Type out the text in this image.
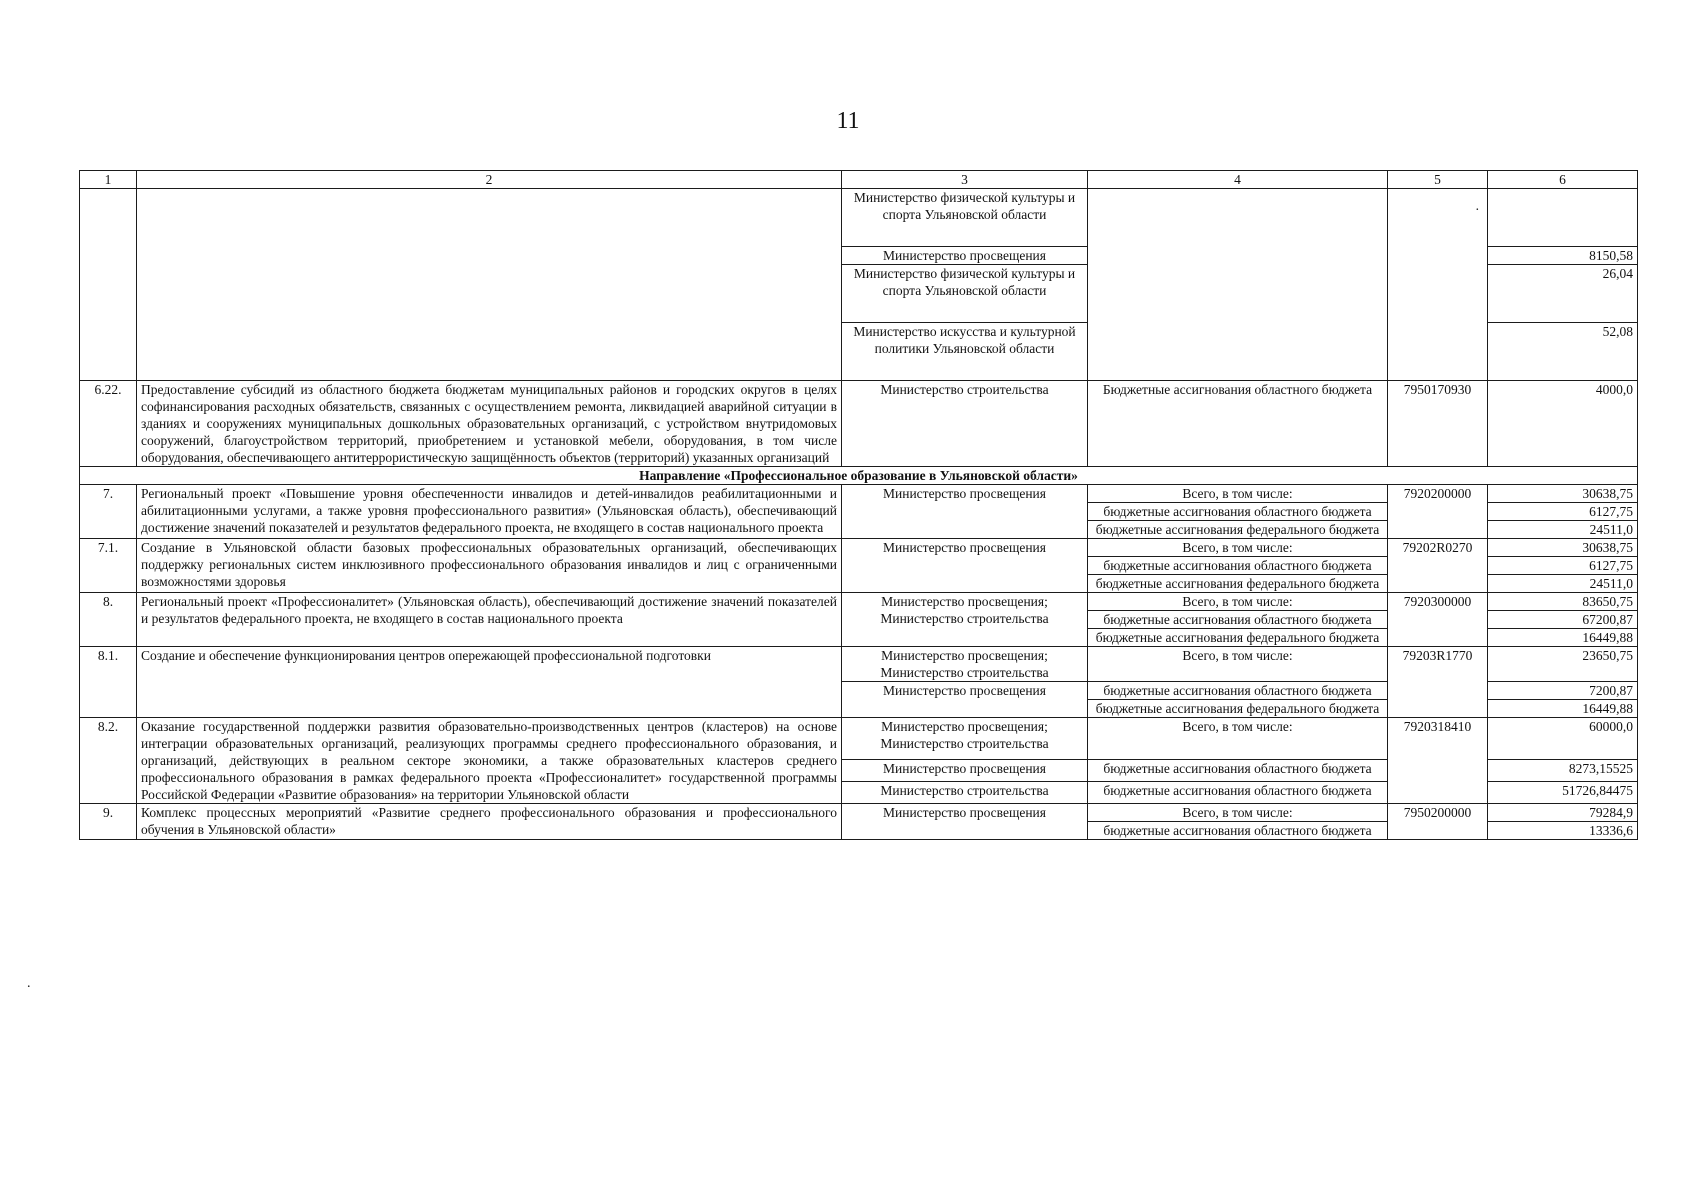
11
1	2	3	4	5	6
		Министерство физической культуры и спорта Ульяновской области		.	
		Министерство просвещения			8150,58
		Министерство физической культуры и спорта Ульяновской области			26,04
		Министерство искусства и культурной политики Ульяновской области			52,08
6.22.	Предоставление субсидий из областного бюджета бюджетам муниципальных районов и городских округов в целях софинансирования расходных обязательств, связанных с осуществлением ремонта, ликвидацией аварийной ситуации в зданиях и сооружениях муниципальных дошкольных образовательных организаций, с устройством внутридомовых сооружений, благоустройством территорий, приобретением и установкой мебели, оборудования, в том числе оборудования, обеспечивающего антитеррористическую защищённость объектов (территорий) указанных организаций	Министерство строительства	Бюджетные ассигнования областного бюджета	7950170930	4000,0
Направление «Профессиональное образование в Ульяновской области»					
7.	Региональный проект «Повышение уровня обеспеченности инвалидов и детей-инвалидов реабилитационными и абилитационными услугами, а также уровня профессионального развития» (Ульяновская область), обеспечивающий достижение значений показателей и результатов федерального проекта, не входящего в состав национального проекта	Министерство просвещения	Всего, в том числе:	7920200000	30638,75
			бюджетные ассигнования областного бюджета		6127,75
			бюджетные ассигнования федерального бюджета		24511,0
7.1.	Создание в Ульяновской области базовых профессиональных образовательных организаций, обеспечивающих поддержку региональных систем инклюзивного профессионального образования инвалидов и лиц с ограниченными возможностями здоровья	Министерство просвещения	Всего, в том числе:	79202R0270	30638,75
			бюджетные ассигнования областного бюджета		6127,75
			бюджетные ассигнования федерального бюджета		24511,0
8.	Региональный проект «Профессионалитет» (Ульяновская область), обеспечивающий достижение значений показателей и результатов федерального проекта, не входящего в состав национального проекта	Министерство просвещения; Министерство строительства	Всего, в том числе:	7920300000	83650,75
			бюджетные ассигнования областного бюджета		67200,87
			бюджетные ассигнования федерального бюджета		16449,88
8.1.	Создание и обеспечение функционирования центров опережающей профессиональной подготовки	Министерство просвещения; Министерство строительства	Всего, в том числе:	79203R1770	23650,75
		Министерство просвещения	бюджетные ассигнования областного бюджета		7200,87
			бюджетные ассигнования федерального бюджета		16449,88
8.2.	Оказание государственной поддержки развития образовательно-производственных центров (кластеров) на основе интеграции образовательных организаций, реализующих программы среднего профессионального образования, и организаций, действующих в реальном секторе экономики, а также образовательных кластеров среднего профессионального образования в рамках федерального проекта «Профессионалитет» государственной программы Российской Федерации «Развитие образования» на территории Ульяновской области	Министерство просвещения; Министерство строительства	Всего, в том числе:	7920318410	60000,0
		Министерство просвещения	бюджетные ассигнования областного бюджета		8273,15525
		Министерство строительства	бюджетные ассигнования областного бюджета		51726,84475
9.	Комплекс процессных мероприятий «Развитие среднего профессионального образования и профессионального обучения в Ульяновской области»	Министерство просвещения	Всего, в том числе:	7950200000	79284,9
			бюджетные ассигнования областного бюджета		13336,6
.
